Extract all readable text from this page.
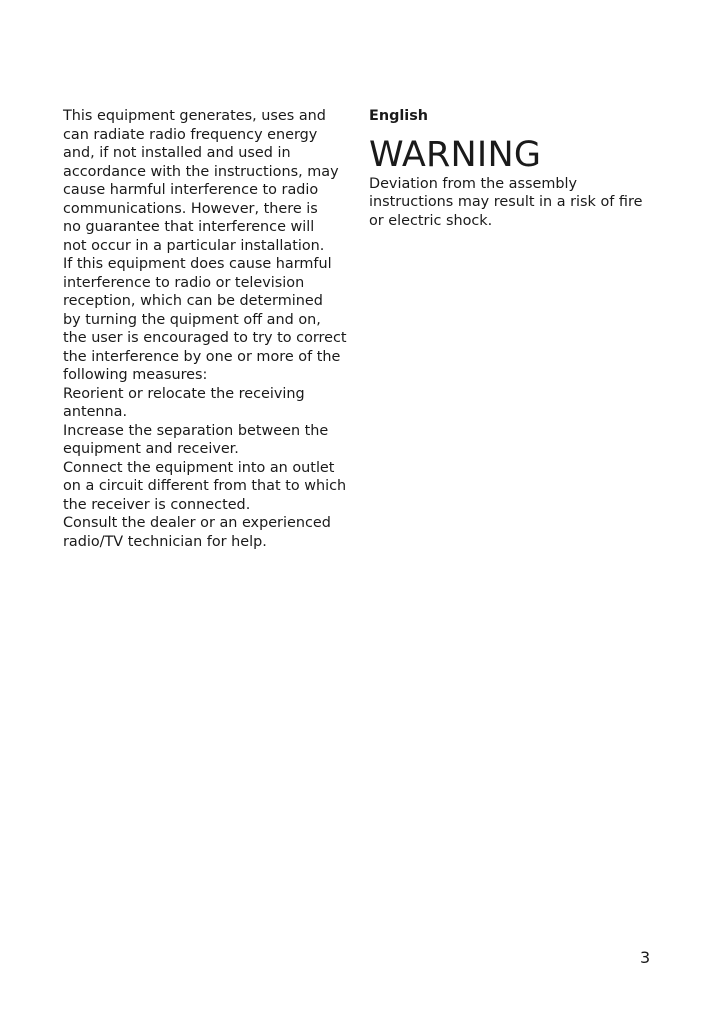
This equipment generates, uses and
can radiate radio frequency energy
and, if not installed and used in
accordance with the instructions, may
cause harmful interference to radio
communications. However, there is
no guarantee that interference will
not occur in a particular installation.

If this equipment does cause harmful
interference to radio or television
reception, which can be determined
by turning the quipment off and on,
the user is encouraged to try to correct
the interference by one or more of the
following measures:

Reorient or relocate the receiving
antenna.

Increase the separation between the
equipment and receiver.

Connect the equipment into an outlet
on a circuit different from that to which
the receiver is connected.

Consult the dealer or an experienced
radio/TV technician for help.

English

WARNING

Deviation from the assembly
instructions may result in a risk of fire
or electric shock.

3
